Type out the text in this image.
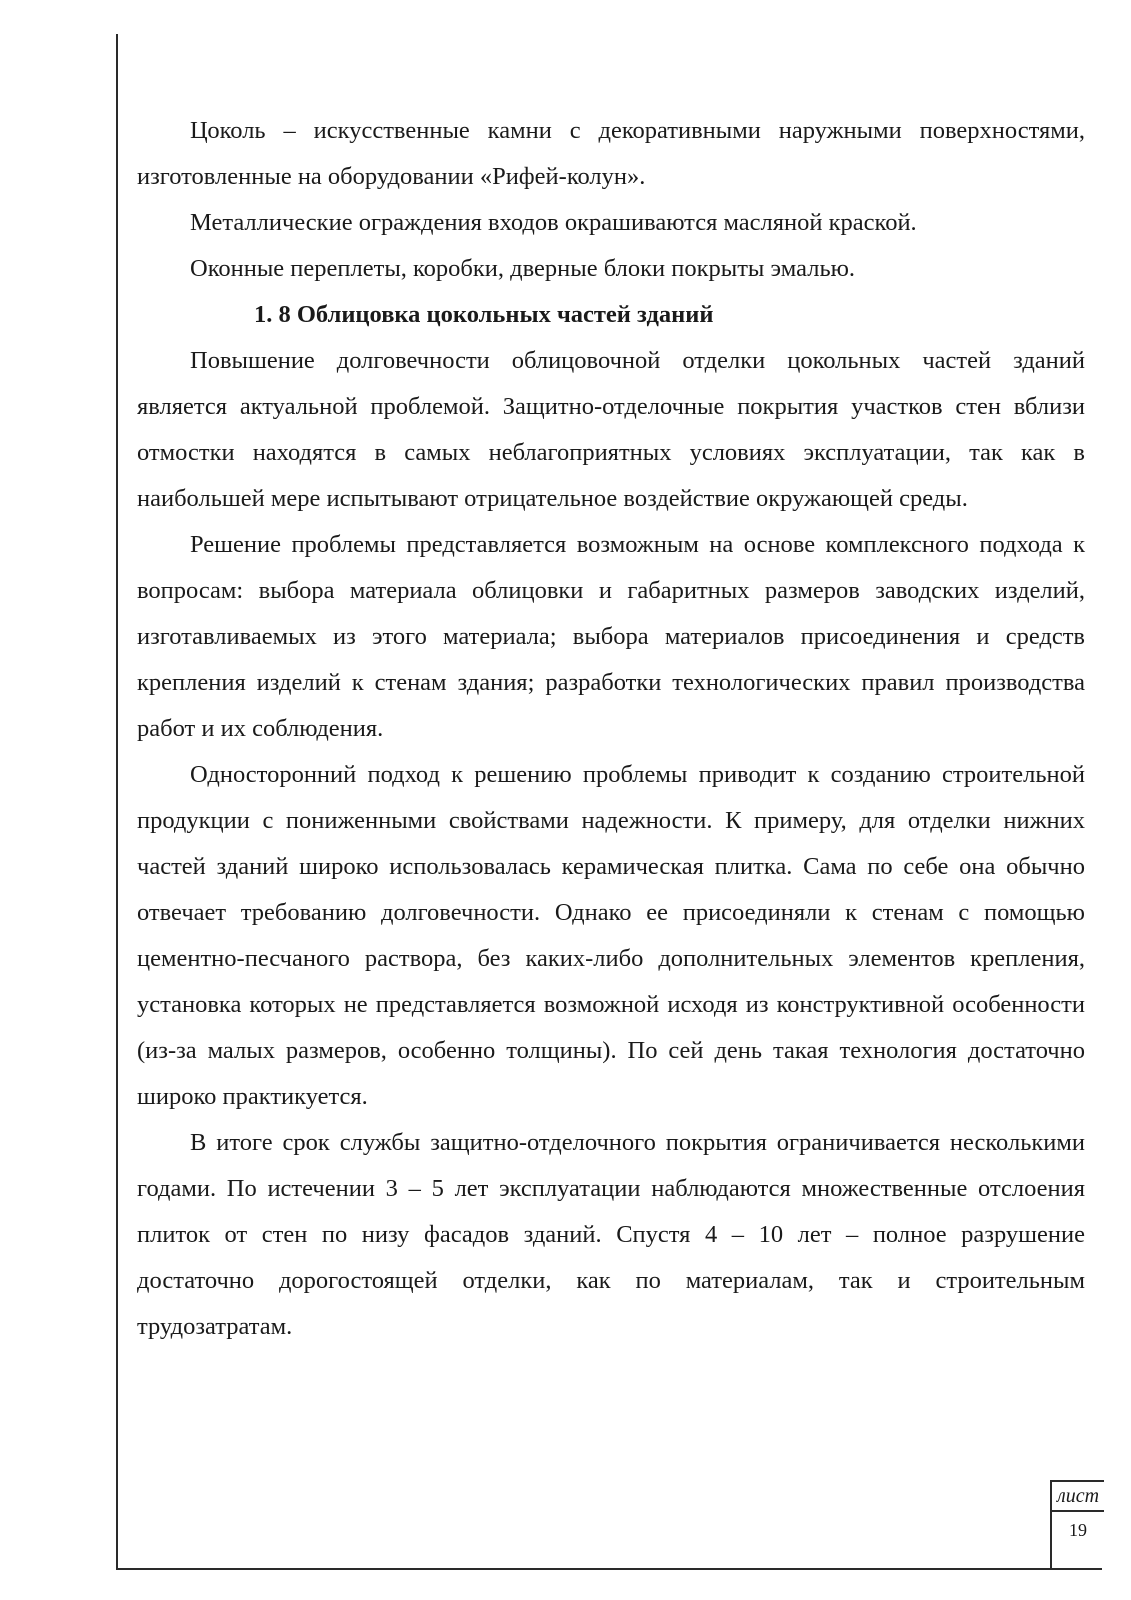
Цоколь – искусственные камни с декоративными наружными поверхностями, изготовленные на оборудовании «Рифей-колун».

Металлические ограждения входов окрашиваются масляной краской.

Оконные переплеты, коробки, дверные блоки покрыты эмалью.

1. 8 Облицовка цокольных частей зданий

Повышение долговечности облицовочной отделки цокольных частей зданий является актуальной проблемой. Защитно-отделочные покрытия участков стен вблизи отмостки находятся в самых неблагоприятных условиях эксплуатации, так как в наибольшей мере испытывают отрицательное воздействие окружающей среды.

Решение проблемы представляется возможным на основе комплексного подхода к вопросам: выбора материала облицовки и габаритных размеров заводских изделий, изготавливаемых из этого материала; выбора материалов присоединения и средств крепления изделий к стенам здания; разработки технологических правил производства работ и их соблюдения.

Односторонний подход к решению проблемы приводит к созданию строительной продукции с пониженными свойствами надежности. К примеру, для отделки нижних частей зданий широко использовалась керамическая плитка. Сама по себе она обычно отвечает требованию долговечности. Однако ее присоединяли к стенам с помощью цементно-песчаного раствора, без каких-либо дополнительных элементов крепления, установка которых не представляется возможной исходя из конструктивной особенности (из-за малых размеров, особенно толщины). По сей день такая технология достаточно широко практикуется.

В итоге срок службы защитно-отделочного покрытия ограничивается несколькими годами. По истечении 3 – 5 лет эксплуатации наблюдаются множественные отслоения плиток от стен по низу фасадов зданий. Спустя 4 – 10 лет – полное разрушение достаточно дорогостоящей отделки, как по материалам, так и строительным трудозатратам.

лист
19
